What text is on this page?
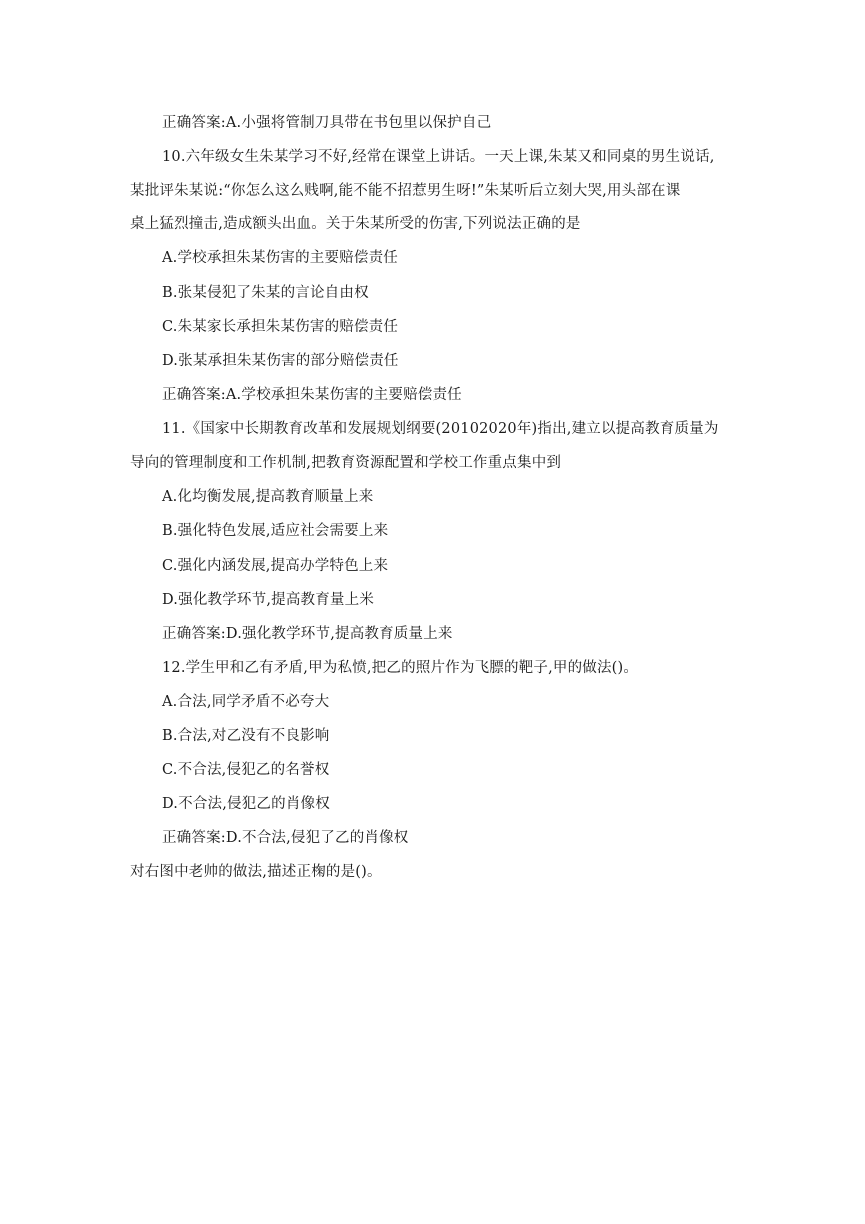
正确答案:A.小强将管制刀具带在书包里以保护自己
10.六年级女生朱某学习不好,经常在课堂上讲话。一天上课,朱某又和同桌的男生说话,
某批评朱某说:“你怎么这么贱啊,能不能不招惹男生呀!”朱某听后立刻大哭,用头部在课
桌上猛烈撞击,造成额头出血。关于朱某所受的伤害,下列说法正确的是
A.学校承担朱某伤害的主要赔偿责任
B.张某侵犯了朱某的言论自由权
C.朱某家长承担朱某伤害的赔偿责任
D.张某承担朱某伤害的部分赔偿责任
正确答案:A.学校承担朱某伤害的主要赔偿责任
11.《国家中长期教育改革和发展规划纲要(20102020年)指出,建立以提高教育质量为
导向的管理制度和工作机制,把教育资源配置和学校工作重点集中到
A.化均衡发展,提高教育顺量上来
B.强化特色发展,适应社会需要上来
C.强化内涵发展,提高办学特色上来
D.强化教学环节,提高教育量上米
正确答案:D.强化教学环节,提高教育质量上来
12.学生甲和乙有矛盾,甲为私愤,把乙的照片作为飞膘的靶子,甲的做法()。
A.合法,同学矛盾不必夸大
B.合法,对乙没有不良影响
C.不合法,侵犯乙的名誉权
D.不合法,侵犯乙的肖像权
正确答案:D.不合法,侵犯了乙的肖像权
对右图中老帅的做法,描述正椈的是()。
